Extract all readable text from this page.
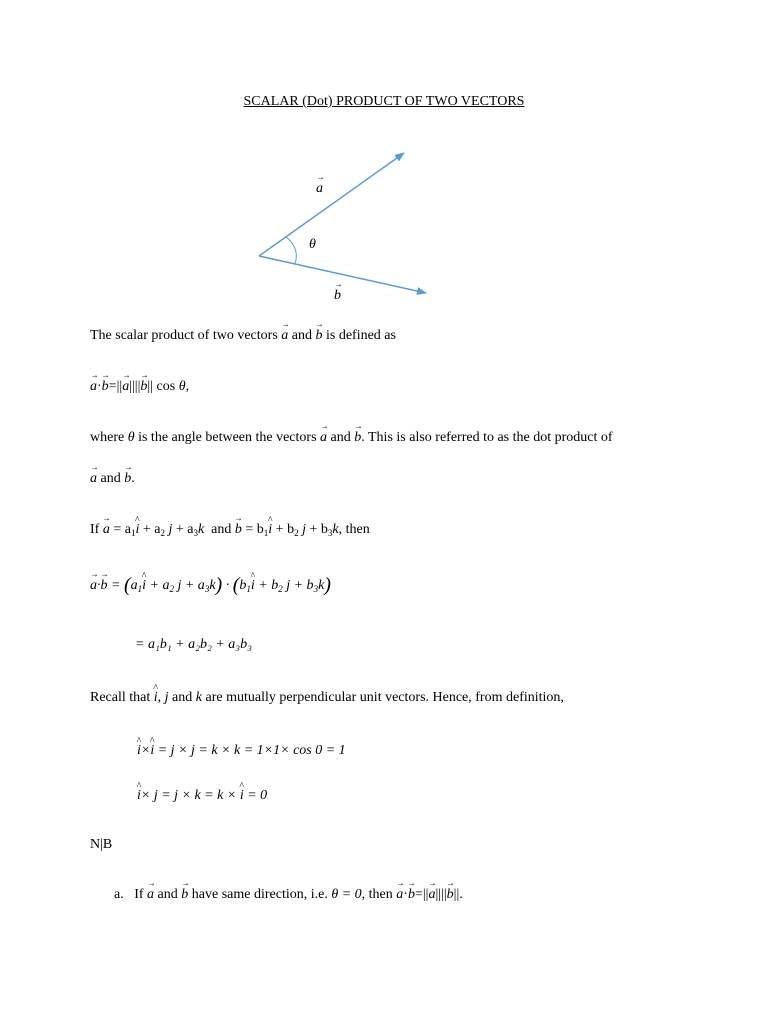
SCALAR (Dot) PRODUCT OF TWO VECTORS
→ a
θ
→ b
The scalar product of two vectors → a and → b is defined as
→ a·→ b=||→ a||||→ b|| cos θ,
where θ is the angle between the vectors → a and → b. This is also referred to as the dot product of
→ a and → b.
$If \to a = a_1\^{}$ $i + a_2$ $j + a_3k$ and → $b = b_1\^{}$ $i + b_2$ $j + b_3k$, then
→ $a\cdot\to b = (a_1\^{}$ $i + a_2$ $j + a_3k$) · ($b_1\^{}$ $i + b_2$ $j + b_3k$)
= a₁b₁ + a₂b₂ + a₃b₃
Recall that ^ i, j and k are mutually perpendicular unit vectors. Hence, from definition,
^ i×^ i = j × j = k × k = 1×1× cos 0 = 1
^ i× j = j × k = k × ^ i = 0
N|B
a. If → a and → b have same direction, i.e. θ = 0, then → a·→ b=||→ a||||→ b||.
